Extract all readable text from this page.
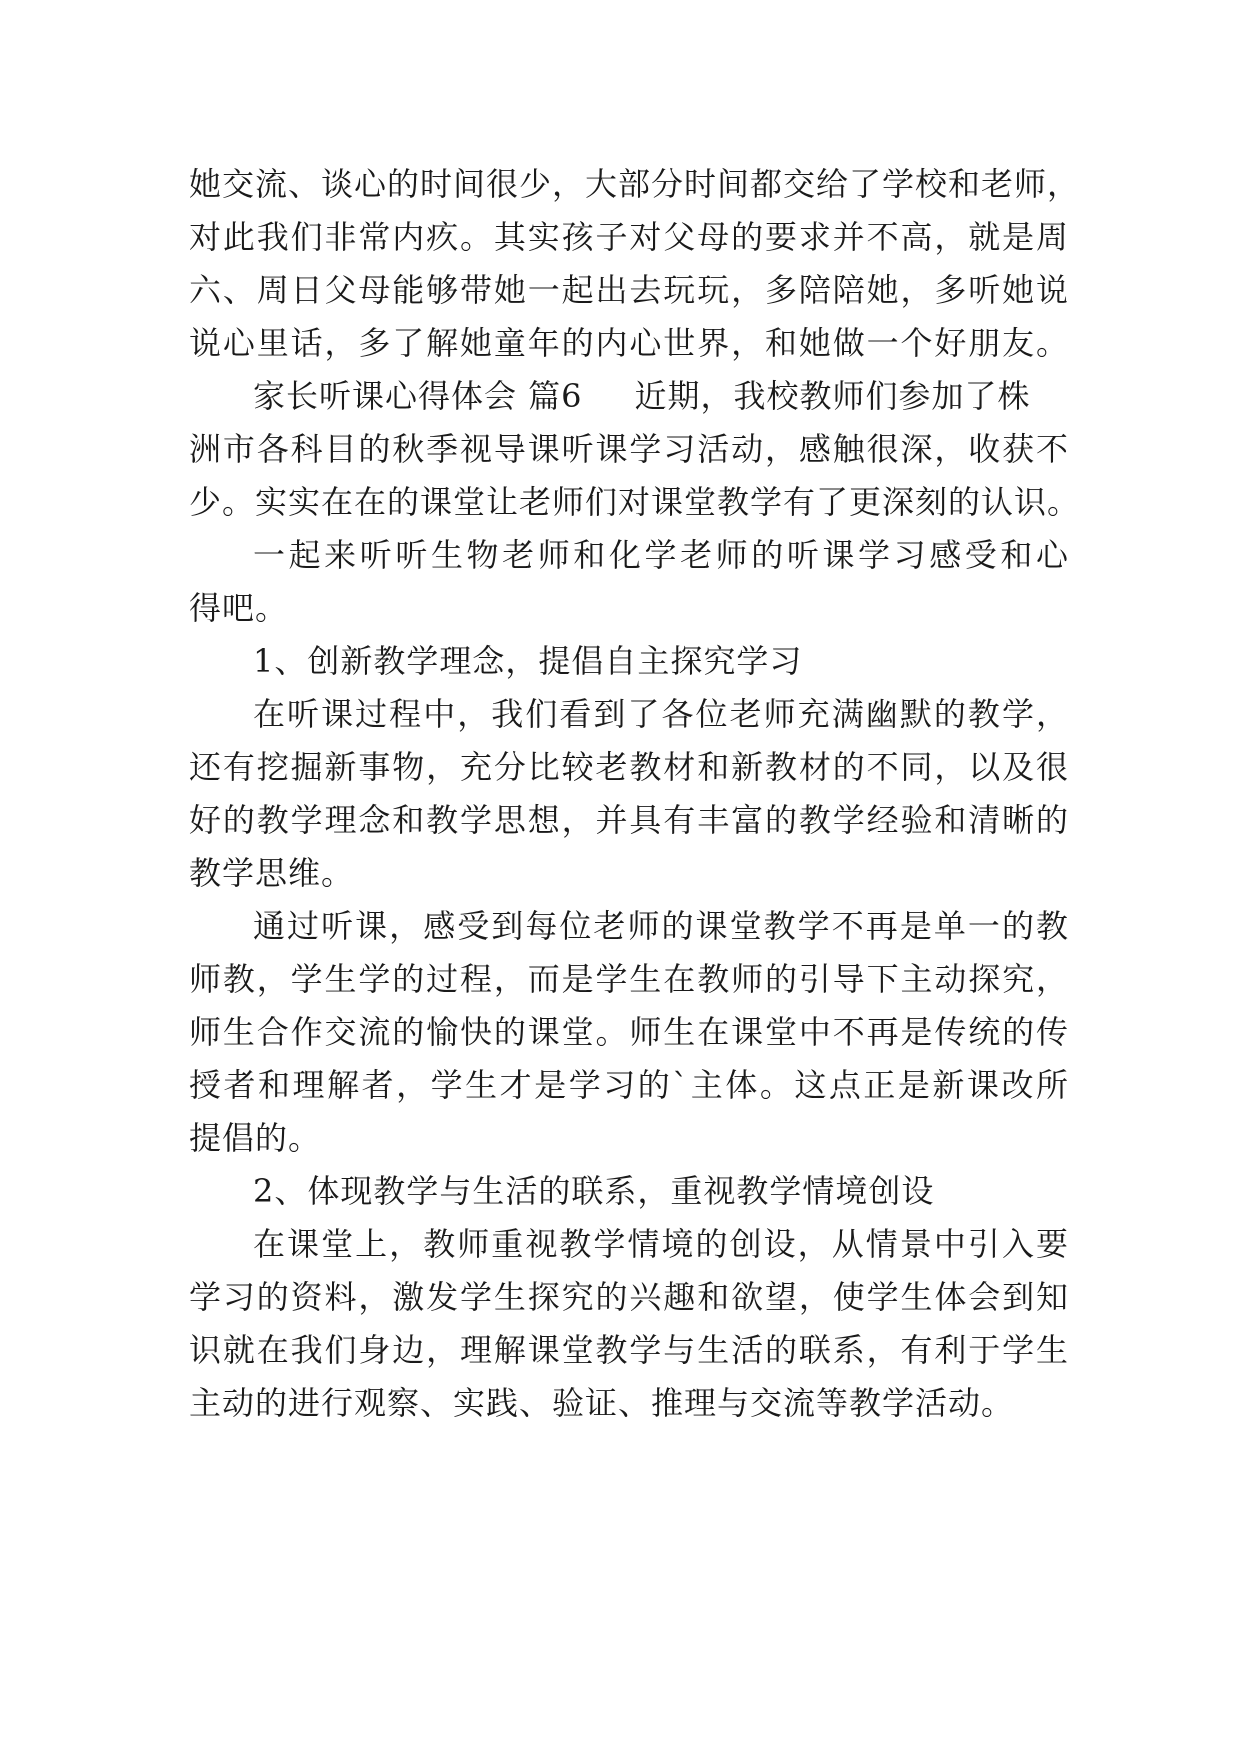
她交流、谈心的时间很少，大部分时间都交给了学校和老师，
对此我们非常内疚。其实孩子对父母的要求并不高，就是周
六、周日父母能够带她一起出去玩玩，多陪陪她，多听她说
说心里话，多了解她童年的内心世界，和她做一个好朋友。
家长听课心得体会 篇6 近期，我校教师们参加了株
洲市各科目的秋季视导课听课学习活动，感触很深，收获不
少。实实在在的课堂让老师们对课堂教学有了更深刻的认识。
一起来听听生物老师和化学老师的听课学习感受和心
得吧。
1、创新教学理念，提倡自主探究学习
在听课过程中，我们看到了各位老师充满幽默的教学，
还有挖掘新事物，充分比较老教材和新教材的不同，以及很
好的教学理念和教学思想，并具有丰富的教学经验和清晰的
教学思维。
通过听课，感受到每位老师的课堂教学不再是单一的教
师教，学生学的过程，而是学生在教师的引导下主动探究，
师生合作交流的愉快的课堂。师生在课堂中不再是传统的传
授者和理解者，学生才是学习的`主体。这点正是新课改所
提倡的。
2、体现教学与生活的联系，重视教学情境创设
在课堂上，教师重视教学情境的创设，从情景中引入要
学习的资料，激发学生探究的兴趣和欲望，使学生体会到知
识就在我们身边，理解课堂教学与生活的联系，有利于学生
主动的进行观察、实践、验证、推理与交流等教学活动。
